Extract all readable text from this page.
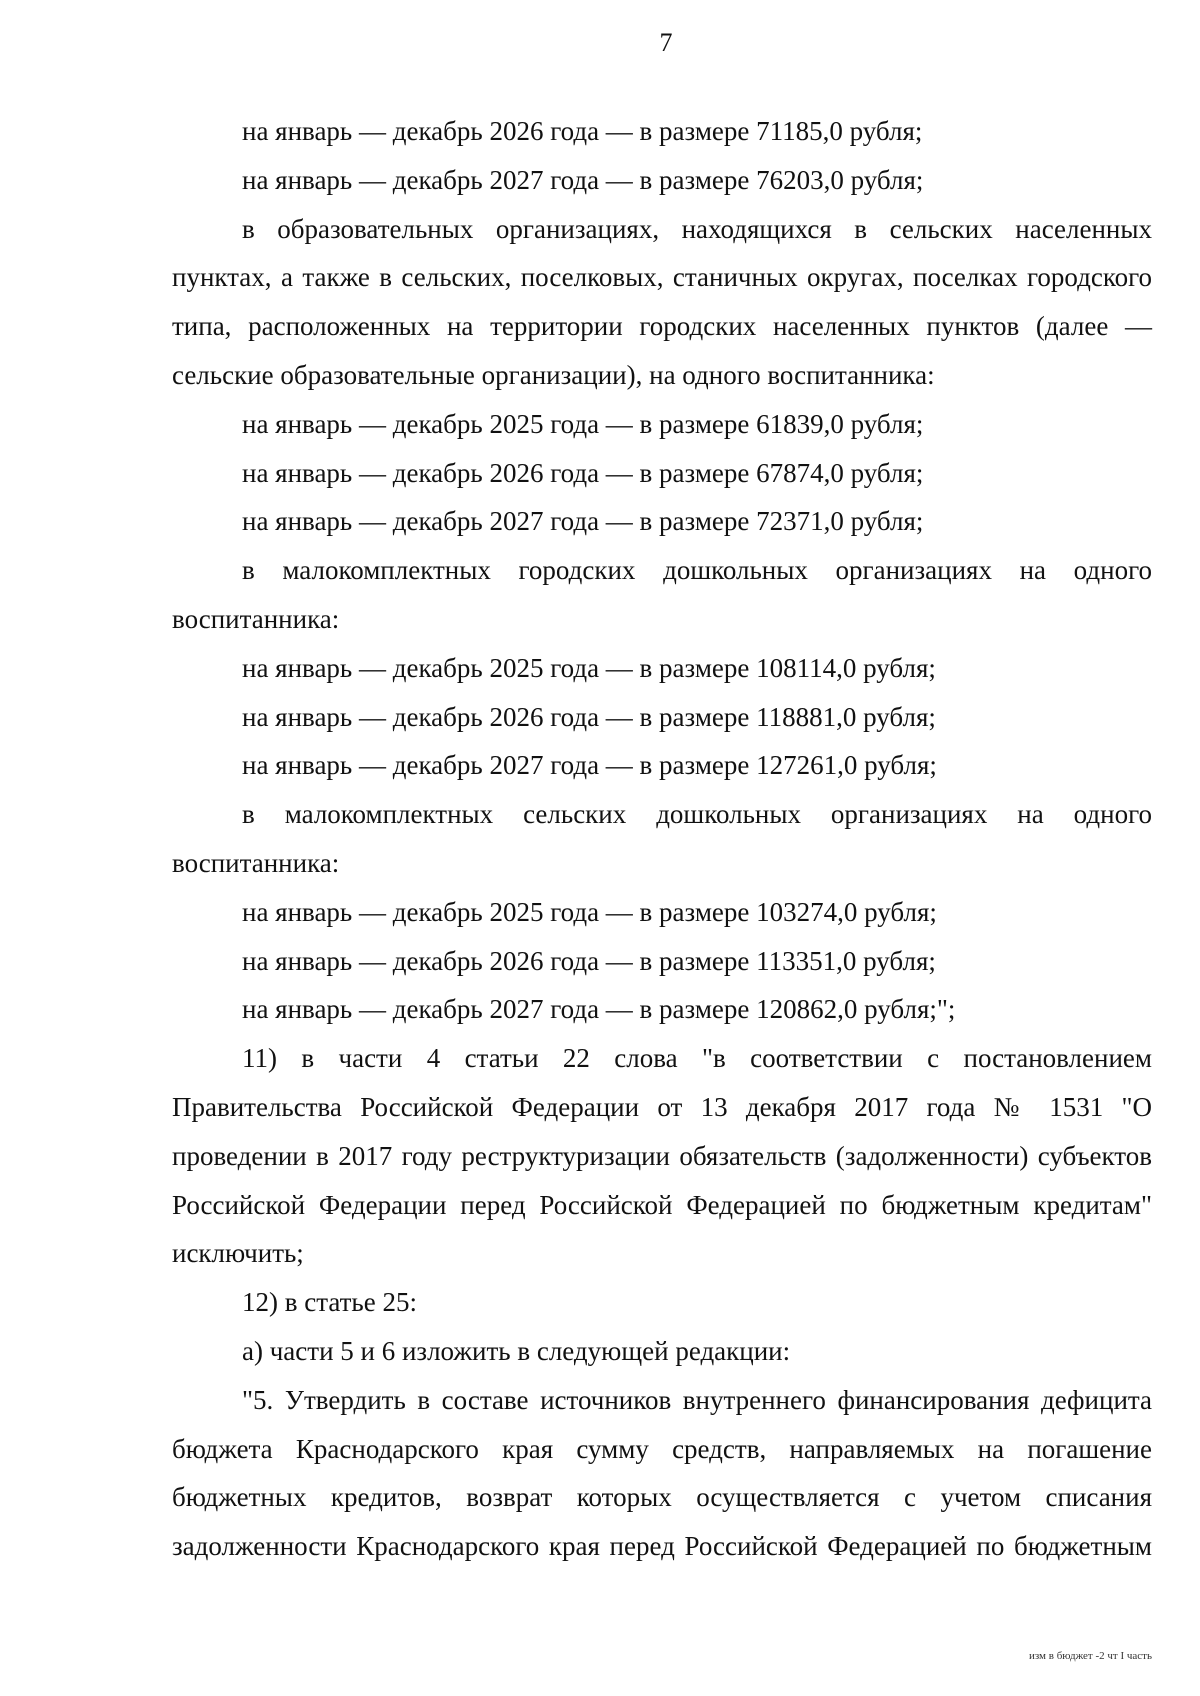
7

на январь — декабрь 2026 года — в размере 71185,0 рубля;

на январь — декабрь 2027 года — в размере 76203,0 рубля;

в образовательных организациях, находящихся в сельских населенных пунктах, а также в сельских, поселковых, станичных округах, поселках городского типа, расположенных на территории городских населенных пунктов (далее — сельские образовательные организации), на одного воспитанника:

на январь — декабрь 2025 года — в размере 61839,0 рубля;

на январь — декабрь 2026 года — в размере 67874,0 рубля;

на январь — декабрь 2027 года — в размере 72371,0 рубля;

в малокомплектных городских дошкольных организациях на одного воспитанника:

на январь — декабрь 2025 года — в размере 108114,0 рубля;

на январь — декабрь 2026 года — в размере 118881,0 рубля;

на январь — декабрь 2027 года — в размере 127261,0 рубля;

в малокомплектных сельских дошкольных организациях на одного воспитанника:

на январь — декабрь 2025 года — в размере 103274,0 рубля;

на январь — декабрь 2026 года — в размере 113351,0 рубля;

на январь — декабрь 2027 года — в размере 120862,0 рубля;";

11) в части 4 статьи 22 слова "в соответствии с постановлением Правительства Российской Федерации от 13 декабря 2017 года № 1531 "О проведении в 2017 году реструктуризации обязательств (задолженности) субъектов Российской Федерации перед Российской Федерацией по бюджетным кредитам" исключить;

12) в статье 25:

а) части 5 и 6 изложить в следующей редакции:

"5. Утвердить в составе источников внутреннего финансирования дефицита бюджета Краснодарского края сумму средств, направляемых на погашение бюджетных кредитов, возврат которых осуществляется с учетом списания задолженности Краснодарского края перед Российской Федерацией по бюджетным

изм в бюджет -2 чт I часть
